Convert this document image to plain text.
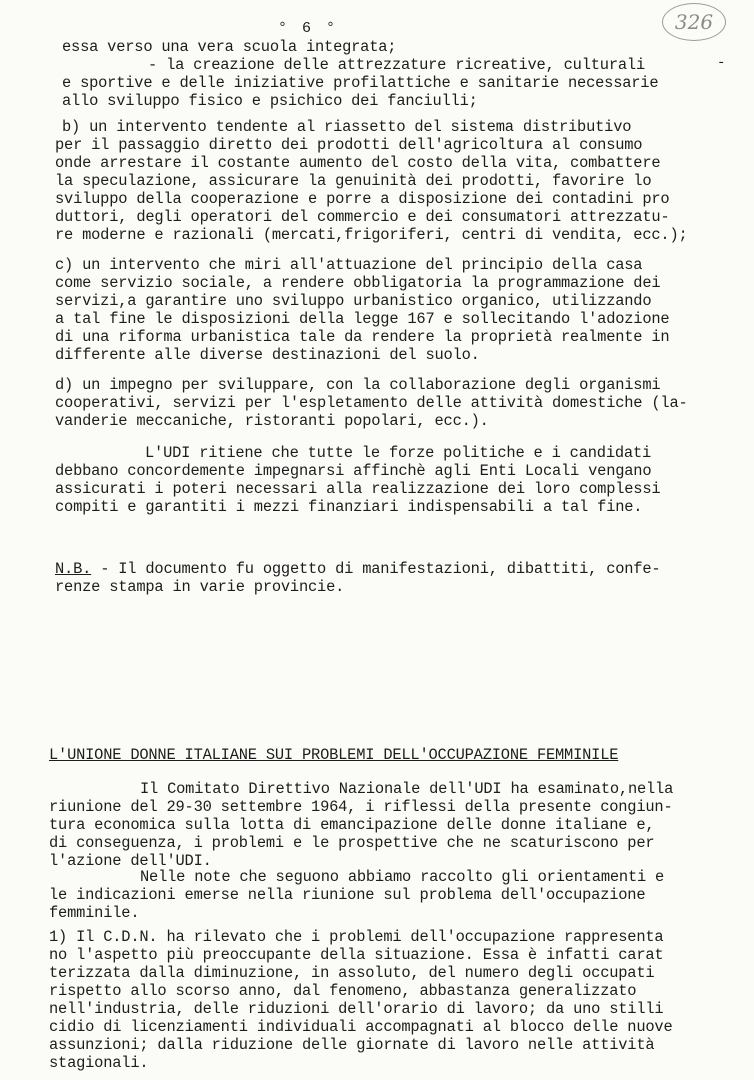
° 6 °	326
-
essa verso una vera scuola integrata;
- la creazione delle attrezzature ricreative, culturali
e sportive e delle iniziative profilattiche e sanitarie necessarie
allo sviluppo fisico e psichico dei fanciulli;
b) un intervento tendente al riassetto del sistema distributivo
per il passaggio diretto dei prodotti dell'agricoltura al consumo
onde arrestare il costante aumento del costo della vita, combattere
la speculazione, assicurare la genuinità dei prodotti, favorire lo
sviluppo della cooperazione e porre a disposizione dei contadini pro
duttori, degli operatori del commercio e dei consumatori attrezzatu-
re moderne e razionali (mercati,frigoriferi, centri di vendita, ecc.);
c) un intervento che miri all'attuazione del principio della casa
come servizio sociale, a rendere obbligatoria la programmazione dei
servizi,a garantire uno sviluppo urbanistico organico, utilizzando
a tal fine le disposizioni della legge 167 e sollecitando l'adozione
di una riforma urbanistica tale da rendere la proprietà realmente in
differente alle diverse destinazioni del suolo.
d) un impegno per sviluppare, con la collaborazione degli organismi
cooperativi, servizi per l'espletamento delle attività domestiche (la-
vanderie meccaniche, ristoranti popolari, ecc.).
L'UDI ritiene che tutte le forze politiche e i candidati
debbano concordemente impegnarsi affinchè agli Enti Locali vengano
assicurati i poteri necessari alla realizzazione dei loro complessi
compiti e garantiti i mezzi finanziari indispensabili a tal fine.
N.B. - Il documento fu oggetto di manifestazioni, dibattiti, confe-
renze stampa in varie provincie.
L'UNIONE DONNE ITALIANE SUI PROBLEMI DELL'OCCUPAZIONE FEMMINILE
Il Comitato Direttivo Nazionale dell'UDI ha esaminato,nella
riunione del 29-30 settembre 1964, i riflessi della presente congiun-
tura economica sulla lotta di emancipazione delle donne italiane e,
di conseguenza, i problemi e le prospettive che ne scaturiscono per
l'azione dell'UDI.
Nelle note che seguono abbiamo raccolto gli orientamenti e
le indicazioni emerse nella riunione sul problema dell'occupazione
femminile.
1) Il C.D.N. ha rilevato che i problemi dell'occupazione rappresenta
no l'aspetto più preoccupante della situazione. Essa è infatti carat
terizzata dalla diminuzione, in assoluto, del numero degli occupati
rispetto allo scorso anno, dal fenomeno, abbastanza generalizzato
nell'industria, delle riduzioni dell'orario di lavoro; da uno stilli
cidio di licenziamenti individuali accompagnati al blocco delle nuove
assunzioni; dalla riduzione delle giornate di lavoro nelle attività
stagionali.
